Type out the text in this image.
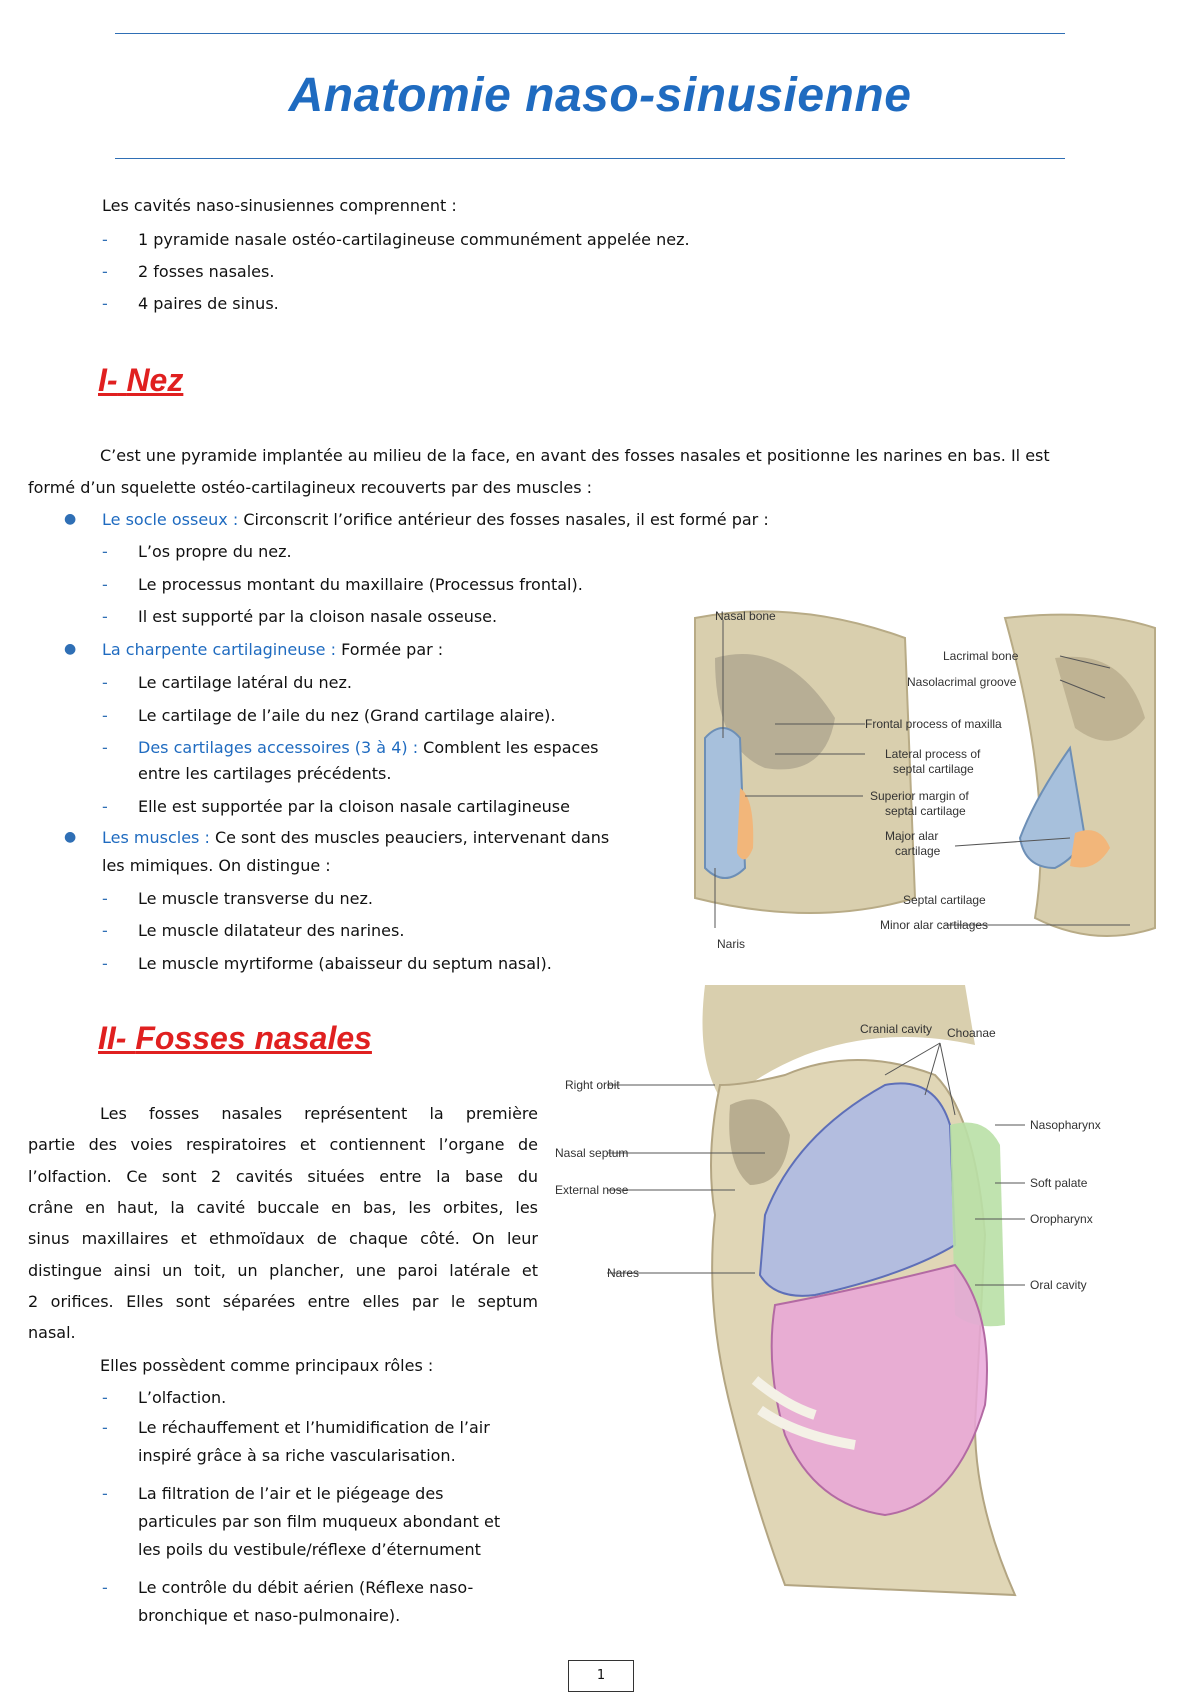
Anatomie naso-sinusienne
Les cavités naso-sinusiennes comprennent :
- 1 pyramide nasale ostéo-cartilagineuse communément appelée nez.
- 2 fosses nasales.
- 4 paires de sinus.
I- Nez
C’est une pyramide implantée au milieu de la face, en avant des fosses nasales et positionne les narines en bas. Il est
formé d’un squelette ostéo-cartilagineux recouverts par des muscles :
● Le socle osseux : Circonscrit l’orifice antérieur des fosses nasales, il est formé par :
- L’os propre du nez.
- Le processus montant du maxillaire (Processus frontal).
- Il est supporté par la cloison nasale osseuse.
● La charpente cartilagineuse : Formée par :
- Le cartilage latéral du nez.
- Le cartilage de l’aile du nez (Grand cartilage alaire).
- Des cartilages accessoires (3 à 4) : Comblent les espaces
entre les cartilages précédents.
- Elle est supportée par la cloison nasale cartilagineuse
● Les muscles : Ce sont des muscles peauciers, intervenant dans
les mimiques. On distingue :
- Le muscle transverse du nez.
- Le muscle dilatateur des narines.
- Le muscle myrtiforme (abaisseur du septum nasal).
Nasal bone
Lacrimal bone
Nasolacrimal groove
Frontal process of maxilla
Lateral process of
septal cartilage
Superior margin of
septal cartilage
Major alar
cartilage
Septal cartilage
Minor alar cartilages
Naris
II- Fosses nasales
Les fosses nasales représentent la première
partie des voies respiratoires et contiennent l’organe de
l’olfaction. Ce sont 2 cavités situées entre la base du
crâne en haut, la cavité buccale en bas, les orbites, les
sinus maxillaires et ethmoïdaux de chaque côté. On leur
distingue ainsi un toit, un plancher, une paroi latérale et
2 orifices. Elles sont séparées entre elles par le septum
nasal.
Elles possèdent comme principaux rôles :
- L’olfaction.
- Le réchauffement et l’humidification de l’air
inspiré grâce à sa riche vascularisation.
- La filtration de l’air et le piégeage des
particules par son film muqueux abondant et
les poils du vestibule/réflexe d’éternument
- Le contrôle du débit aérien (Réflexe naso-
bronchique et naso-pulmonaire).
Cranial cavity Choanae
Right orbit
Nasopharynx
Nasal septum
Soft palate
External nose
Oropharynx
Nares
Oral cavity
1
